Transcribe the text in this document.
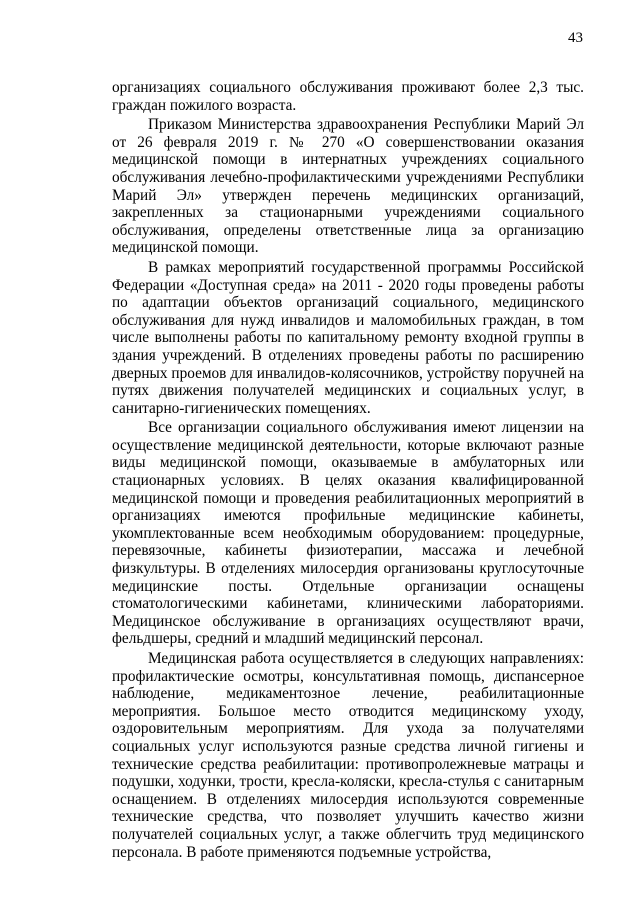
43

организациях социального обслуживания проживают более 2,3 тыс. граждан пожилого возраста.

Приказом Министерства здравоохранения Республики Марий Эл от 26 февраля 2019 г. № 270 «О совершенствовании оказания медицинской помощи в интернатных учреждениях социального обслуживания лечебно-профилактическими учреждениями Республики Марий Эл» утвержден перечень медицинских организаций, закрепленных за стационарными учреждениями социального обслуживания, определены ответственные лица за организацию медицинской помощи.

В рамках мероприятий государственной программы Российской Федерации «Доступная среда» на 2011 - 2020 годы проведены работы по адаптации объектов организаций социального, медицинского обслуживания для нужд инвалидов и маломобильных граждан, в том числе выполнены работы по капитальному ремонту входной группы в здания учреждений. В отделениях проведены работы по расширению дверных проемов для инвалидов-колясочников, устройству поручней на путях движения получателей медицинских и социальных услуг, в санитарно-гигиенических помещениях.

Все организации социального обслуживания имеют лицензии на осуществление медицинской деятельности, которые включают разные виды медицинской помощи, оказываемые в амбулаторных или стационарных условиях. В целях оказания квалифицированной медицинской помощи и проведения реабилитационных мероприятий в организациях имеются профильные медицинские кабинеты, укомплектованные всем необходимым оборудованием: процедурные, перевязочные, кабинеты физиотерапии, массажа и лечебной физкультуры. В отделениях милосердия организованы круглосуточные медицинские посты. Отдельные организации оснащены стоматологическими кабинетами, клиническими лабораториями. Медицинское обслуживание в организациях осуществляют врачи, фельдшеры, средний и младший медицинский персонал.

Медицинская работа осуществляется в следующих направлениях: профилактические осмотры, консультативная помощь, диспансерное наблюдение, медикаментозное лечение, реабилитационные мероприятия. Большое место отводится медицинскому уходу, оздоровительным мероприятиям. Для ухода за получателями социальных услуг используются разные средства личной гигиены и технические средства реабилитации: противопролежневые матрацы и подушки, ходунки, трости, кресла-коляски, кресла-стулья с санитарным оснащением. В отделениях милосердия используются современные технические средства, что позволяет улучшить качество жизни получателей социальных услуг, а также облегчить труд медицинского персонала. В работе применяются подъемные устройства,
